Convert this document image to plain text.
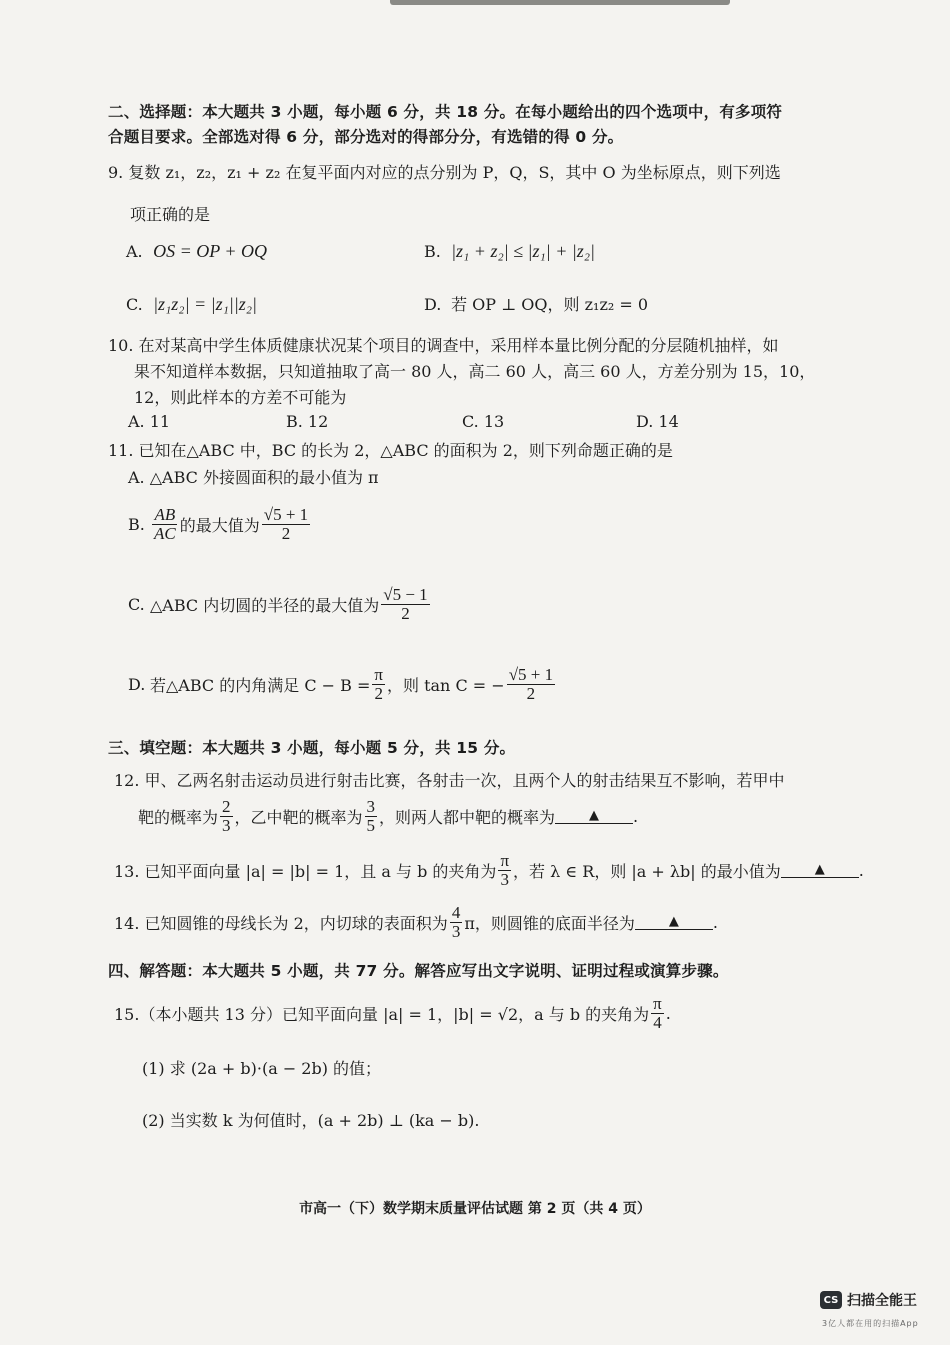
二、选择题：本大题共 3 小题，每小题 6 分，共 18 分。在每小题给出的四个选项中，有多项符
合题目要求。全部选对得 6 分，部分选对的得部分分，有选错的得 0 分。
9. 复数 z₁，z₂，z₁ + z₂ 在复平面内对应的点分别为 P，Q，S，其中 O 为坐标原点，则下列选
项正确的是
A. OS = OP + OQ	B. |z₁ + z₂| ≤ |z₁| + |z₂|
C. |z₁z₂| = |z₁||z₂|	D. 若 OP ⊥ OQ，则 z₁z₂ = 0
10. 在对某高中学生体质健康状况某个项目的调查中，采用样本量比例分配的分层随机抽样，如
果不知道样本数据，只知道抽取了高一 80 人，高二 60 人，高三 60 人，方差分别为 15，10，
12，则此样本的方差不可能为
A. 11	B. 12	C. 13	D. 14
11. 已知在△ABC 中，BC 的长为 2，△ABC 的面积为 2，则下列命题正确的是
A. △ABC 外接圆面积的最小值为 π
B. $\frac{AB}{AC}$ 的最大值为 $\frac{√5 + 1}{2}$
C. △ABC 内切圆的半径的最大值为 $\frac{√5 - 1}{2}$
D. 若△ABC 的内角满足 $C - B = \frac{\pi}{2}$ ，则 tan C = − $\frac{√5 + 1}{2}$
三、填空题：本大题共 3 小题，每小题 5 分，共 15 分。
12. 甲、乙两名射击运动员进行射击比赛，各射击一次，且两个人的射击结果互不影响，若甲中
靶的概率为 $\frac{2}{3}$ ，乙中靶的概率为 $\frac{3}{5}$ ，则两人都中靶的概率为	▲	.
13. 已知平面向量 |a| = |b| = 1，且 a 与 b 的夹角为 $\frac{\pi}{3}$ ，若 λ ∈ R，则 |a + λb| 的最小值为	▲	.
14. 已知圆锥的母线长为 2，内切球的表面积为 $\frac{4}{3}$ π，则圆锥的底面半径为	▲	.
四、解答题：本大题共 5 小题，共 77 分。解答应写出文字说明、证明过程或演算步骤。
15.（本小题共 13 分）已知平面向量 |a| = 1，|b| = √2，a 与 b 的夹角为 $\frac{\pi}{4}$ .
(1) 求 (2a + b)·(a − 2b) 的值；
(2) 当实数 k 为何值时，(a + 2b) ⊥ (ka − b).
市高一（下）数学期末质量评估试题 第 2 页（共 4 页）
CS 扫描全能王
3亿人都在用的扫描App
